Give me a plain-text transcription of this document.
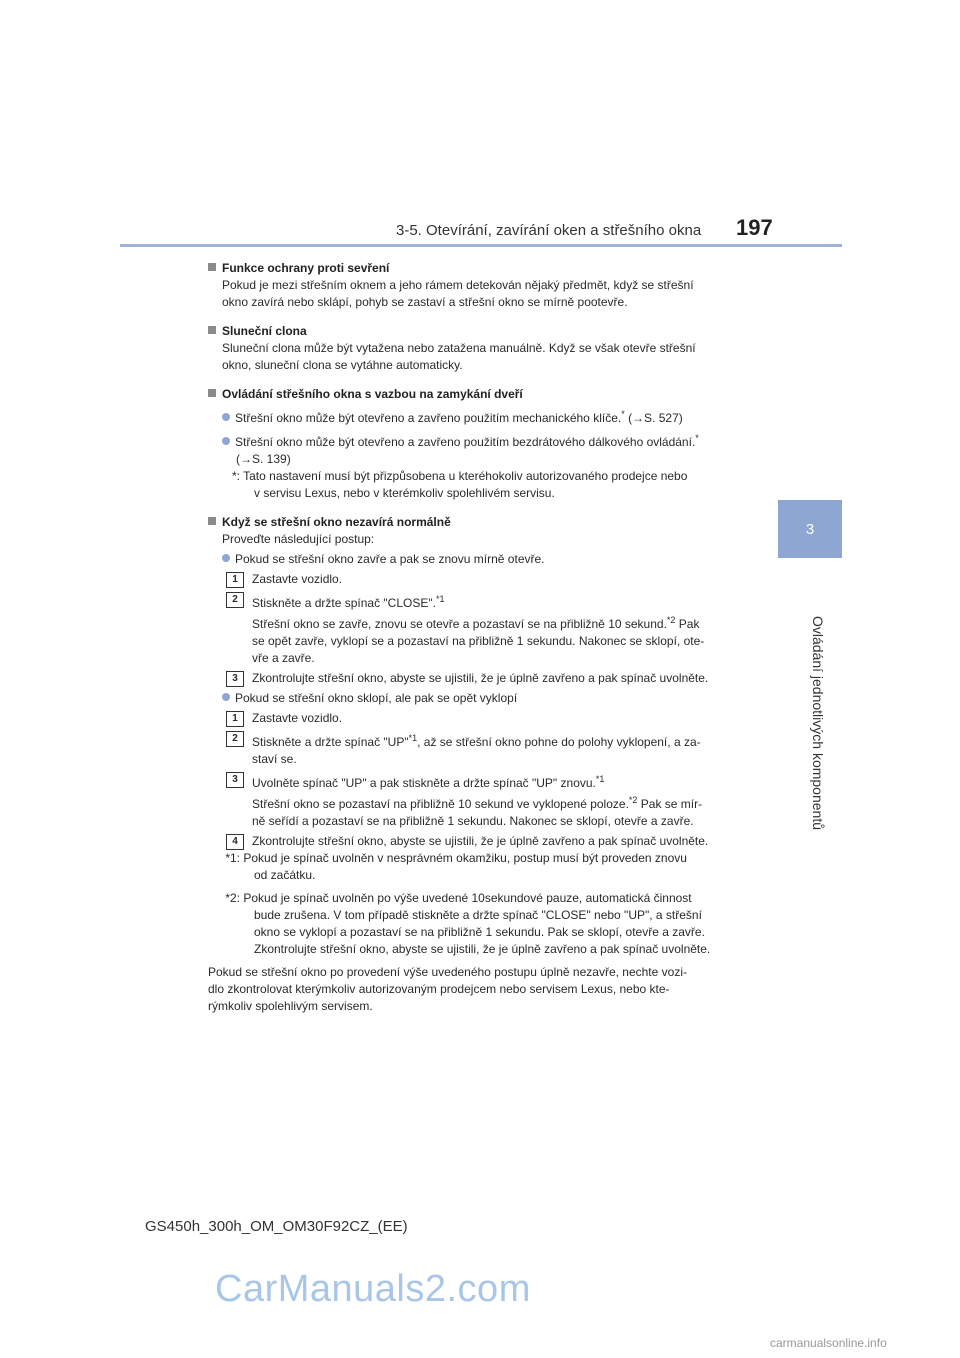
3-5. Otevírání, zavírání oken a střešního okna 197
3
Ovládání jednotlivých komponentů
Funkce ochrany proti sevření
Pokud je mezi střešním oknem a jeho rámem detekován nějaký předmět, když se střešní
okno zavírá nebo sklápí, pohyb se zastaví a střešní okno se mírně pootevře.
Sluneční clona
Sluneční clona může být vytažena nebo zatažena manuálně. Když se však otevře střešní
okno, sluneční clona se vytáhne automaticky.
Ovládání střešního okna s vazbou na zamykání dveří
Střešní okno může být otevřeno a zavřeno použitím mechanického klíče.* (→S. 527)
Střešní okno může být otevřeno a zavřeno použitím bezdrátového dálkového ovládání.*
(→S. 139)
*: Tato nastavení musí být přizpůsobena u kteréhokoliv autorizovaného prodejce nebo
v servisu Lexus, nebo v kterémkoliv spolehlivém servisu.
Když se střešní okno nezavírá normálně
Proveďte následující postup:
Pokud se střešní okno zavře a pak se znovu mírně otevře.
1	Zastavte vozidlo.
2	Stiskněte a držte spínač "CLOSE".$^{*1}$
Střešní okno se zavře, znovu se otevře a pozastaví se na přibližně 10 sekund.$^{*2}$ Pak
se opět zavře, vyklopí se a pozastaví na přibližně 1 sekundu. Nakonec se sklopí, ote-
vře a zavře.
3	Zkontrolujte střešní okno, abyste se ujistili, že je úplně zavřeno a pak spínač uvolněte.
Pokud se střešní okno sklopí, ale pak se opět vyklopí
1	Zastavte vozidlo.
2	Stiskněte a držte spínač "UP"$^{*1}$, až se střešní okno pohne do polohy vyklopení, a za-
staví se.
3	Uvolněte spínač "UP" a pak stiskněte a držte spínač "UP" znovu.$^{*1}$
Střešní okno se pozastaví na přibližně 10 sekund ve vyklopené poloze.$^{*2}$ Pak se mír-
ně seřídí a pozastaví se na přibližně 1 sekundu. Nakonec se sklopí, otevře a zavře.
4	Zkontrolujte střešní okno, abyste se ujistili, že je úplně zavřeno a pak spínač uvolněte.
*1: Pokud je spínač uvolněn v nesprávném okamžiku, postup musí být proveden znovu
od začátku.
*2: Pokud je spínač uvolněn po výše uvedené 10sekundové pauze, automatická činnost
bude zrušena. V tom případě stiskněte a držte spínač "CLOSE" nebo "UP", a střešní
okno se vyklopí a pozastaví se na přibližně 1 sekundu. Pak se sklopí, otevře a zavře.
Zkontrolujte střešní okno, abyste se ujistili, že je úplně zavřeno a pak spínač uvolněte.
Pokud se střešní okno po provedení výše uvedeného postupu úplně nezavře, nechte vozi-
dlo zkontrolovat kterýmkoliv autorizovaným prodejcem nebo servisem Lexus, nebo kte-
rýmkoliv spolehlivým servisem.
GS450h_300h_OM_OM30F92CZ_(EE)
CarManuals2.com
carmanualsonline.info
